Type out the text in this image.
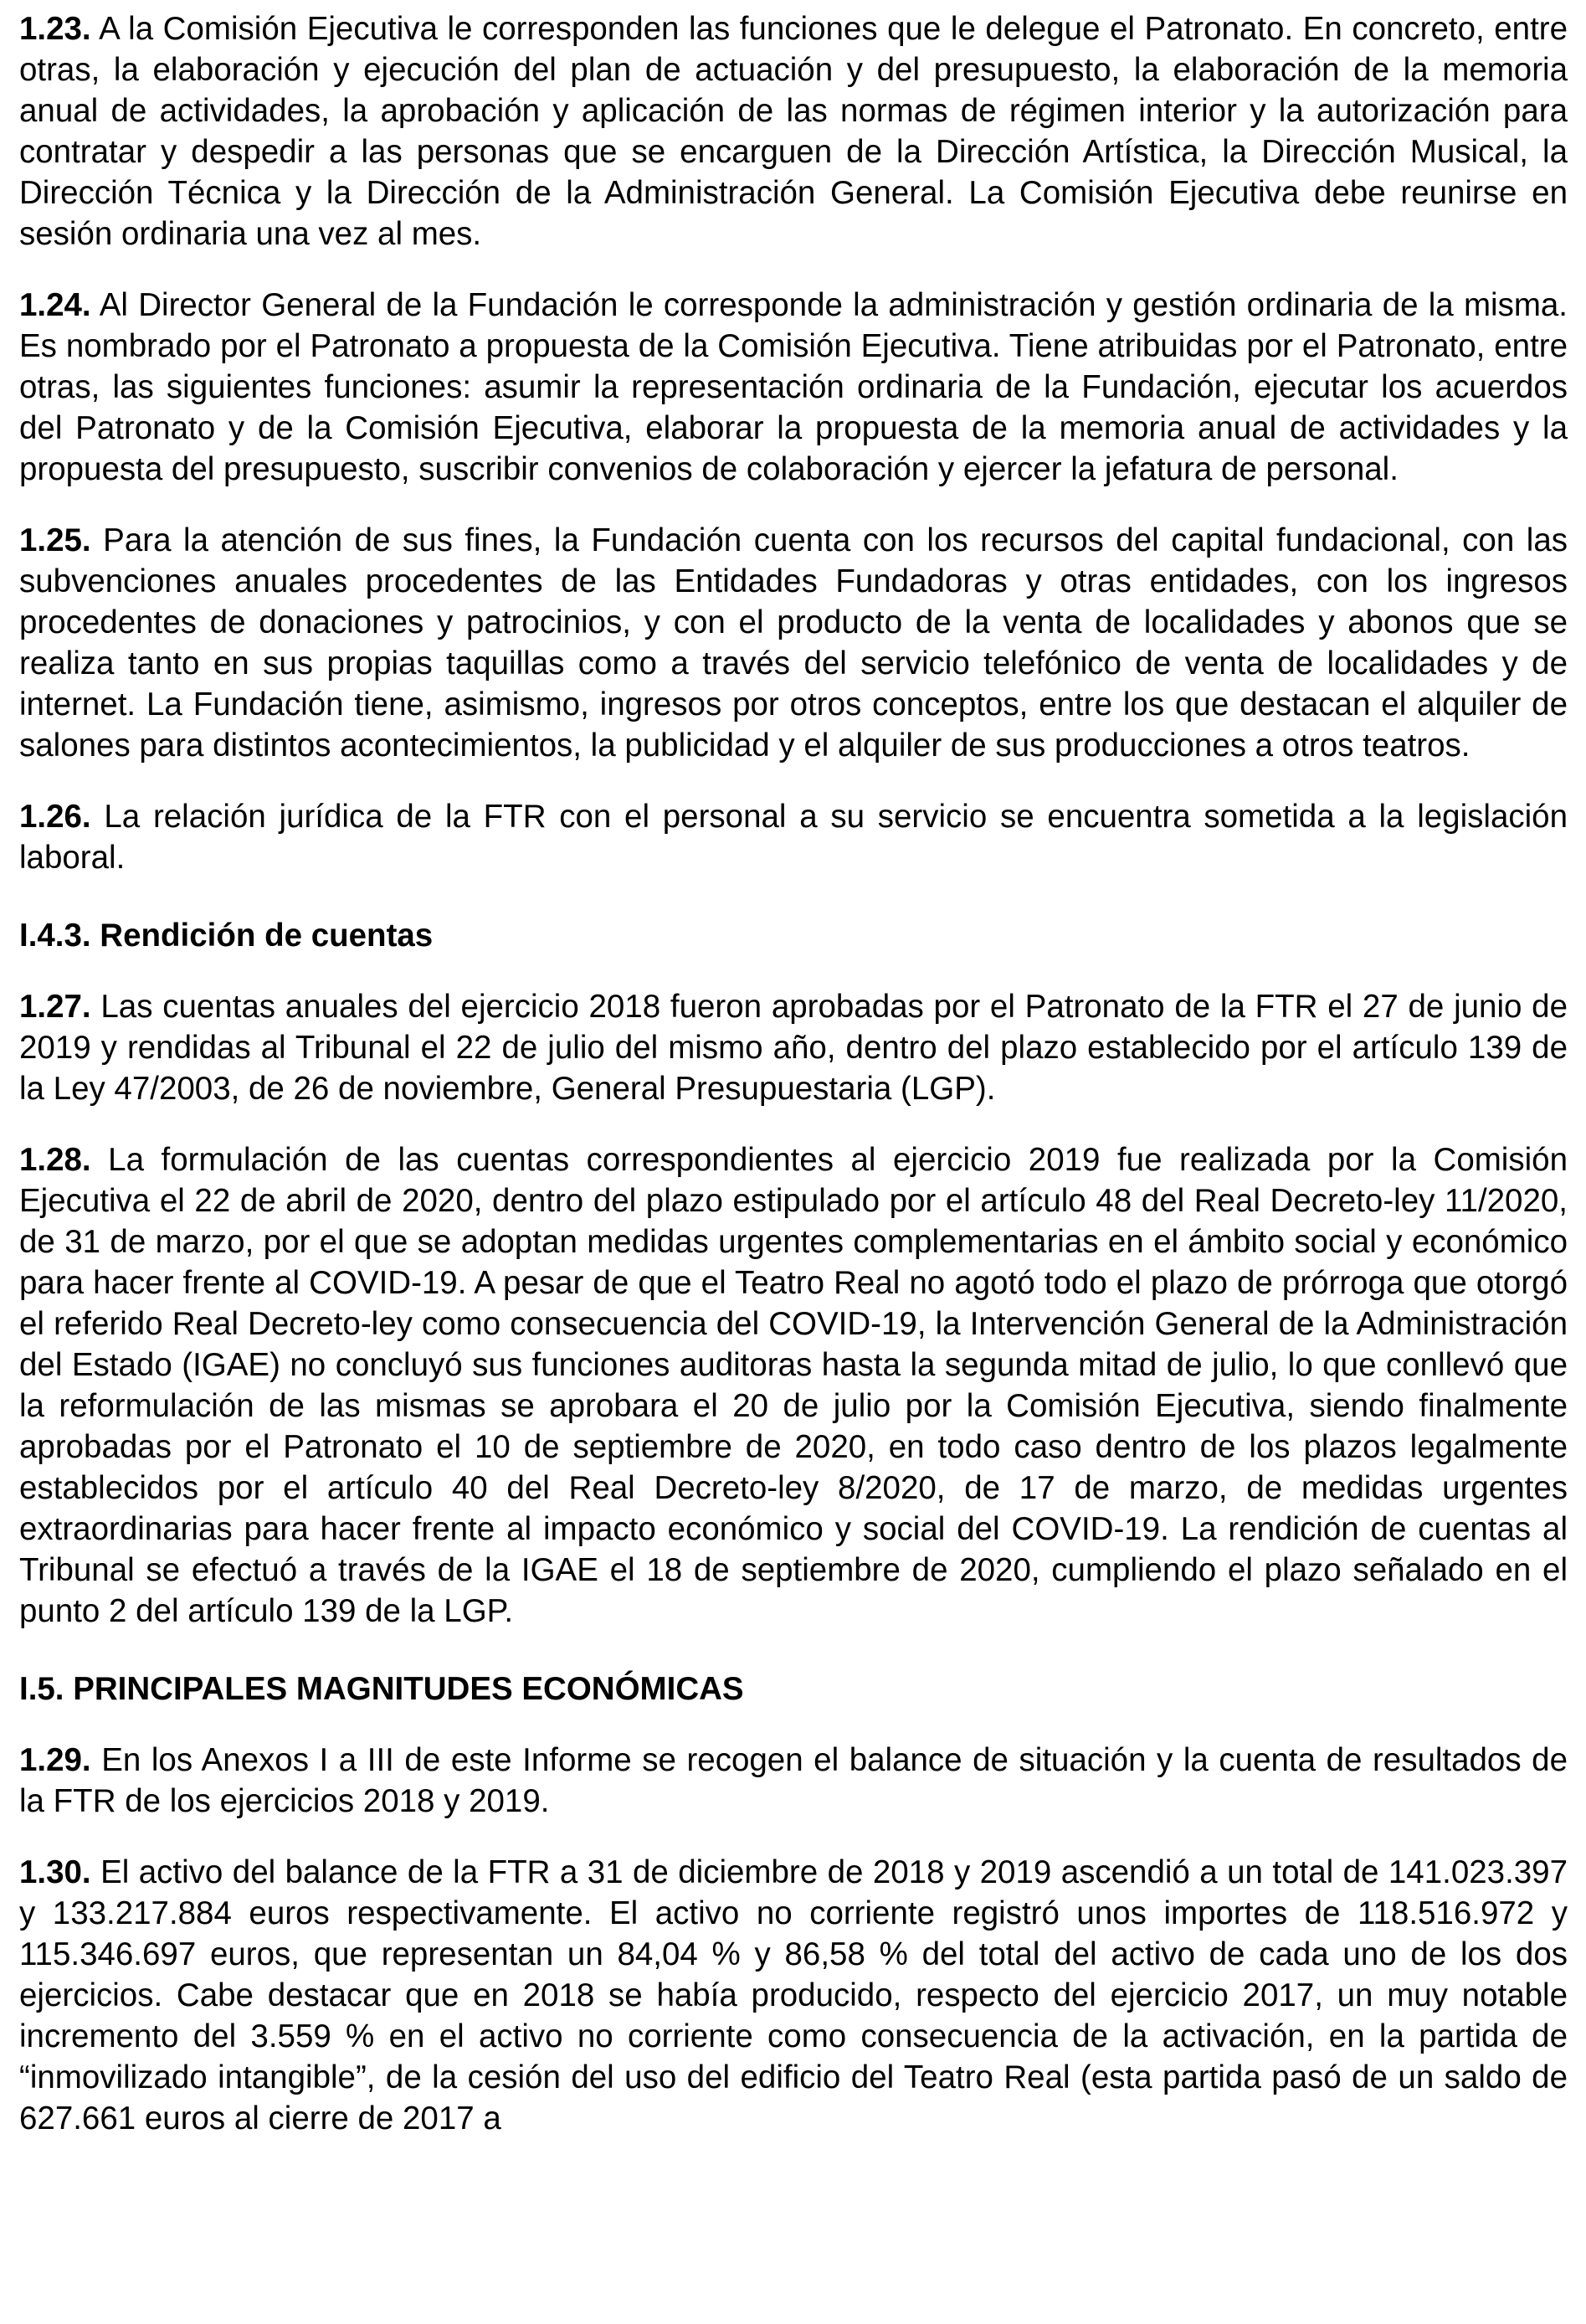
1.23. A la Comisión Ejecutiva le corresponden las funciones que le delegue el Patronato. En concreto, entre otras, la elaboración y ejecución del plan de actuación y del presupuesto, la elaboración de la memoria anual de actividades, la aprobación y aplicación de las normas de régimen interior y la autorización para contratar y despedir a las personas que se encarguen de la Dirección Artística, la Dirección Musical, la Dirección Técnica y la Dirección de la Administración General. La Comisión Ejecutiva debe reunirse en sesión ordinaria una vez al mes.

1.24. Al Director General de la Fundación le corresponde la administración y gestión ordinaria de la misma. Es nombrado por el Patronato a propuesta de la Comisión Ejecutiva. Tiene atribuidas por el Patronato, entre otras, las siguientes funciones: asumir la representación ordinaria de la Fundación, ejecutar los acuerdos del Patronato y de la Comisión Ejecutiva, elaborar la propuesta de la memoria anual de actividades y la propuesta del presupuesto, suscribir convenios de colaboración y ejercer la jefatura de personal.

1.25. Para la atención de sus fines, la Fundación cuenta con los recursos del capital fundacional, con las subvenciones anuales procedentes de las Entidades Fundadoras y otras entidades, con los ingresos procedentes de donaciones y patrocinios, y con el producto de la venta de localidades y abonos que se realiza tanto en sus propias taquillas como a través del servicio telefónico de venta de localidades y de internet. La Fundación tiene, asimismo, ingresos por otros conceptos, entre los que destacan el alquiler de salones para distintos acontecimientos, la publicidad y el alquiler de sus producciones a otros teatros.

1.26. La relación jurídica de la FTR con el personal a su servicio se encuentra sometida a la legislación laboral.

I.4.3. Rendición de cuentas

1.27. Las cuentas anuales del ejercicio 2018 fueron aprobadas por el Patronato de la FTR el 27 de junio de 2019 y rendidas al Tribunal el 22 de julio del mismo año, dentro del plazo establecido por el artículo 139 de la Ley 47/2003, de 26 de noviembre, General Presupuestaria (LGP).

1.28. La formulación de las cuentas correspondientes al ejercicio 2019 fue realizada por la Comisión Ejecutiva el 22 de abril de 2020, dentro del plazo estipulado por el artículo 48 del Real Decreto-ley 11/2020, de 31 de marzo, por el que se adoptan medidas urgentes complementarias en el ámbito social y económico para hacer frente al COVID-19. A pesar de que el Teatro Real no agotó todo el plazo de prórroga que otorgó el referido Real Decreto-ley como consecuencia del COVID-19, la Intervención General de la Administración del Estado (IGAE) no concluyó sus funciones auditoras hasta la segunda mitad de julio, lo que conllevó que la reformulación de las mismas se aprobara el 20 de julio por la Comisión Ejecutiva, siendo finalmente aprobadas por el Patronato el 10 de septiembre de 2020, en todo caso dentro de los plazos legalmente establecidos por el artículo 40 del Real Decreto-ley 8/2020, de 17 de marzo, de medidas urgentes extraordinarias para hacer frente al impacto económico y social del COVID-19. La rendición de cuentas al Tribunal se efectuó a través de la IGAE el 18 de septiembre de 2020, cumpliendo el plazo señalado en el punto 2 del artículo 139 de la LGP.

I.5. PRINCIPALES MAGNITUDES ECONÓMICAS

1.29. En los Anexos I a III de este Informe se recogen el balance de situación y la cuenta de resultados de la FTR de los ejercicios 2018 y 2019.

1.30. El activo del balance de la FTR a 31 de diciembre de 2018 y 2019 ascendió a un total de 141.023.397 y 133.217.884 euros respectivamente. El activo no corriente registró unos importes de 118.516.972 y 115.346.697 euros, que representan un 84,04 % y 86,58 % del total del activo de cada uno de los dos ejercicios. Cabe destacar que en 2018 se había producido, respecto del ejercicio 2017, un muy notable incremento del 3.559 % en el activo no corriente como consecuencia de la activación, en la partida de “inmovilizado intangible”, de la cesión del uso del edificio del Teatro Real (esta partida pasó de un saldo de 627.661 euros al cierre de 2017 a
